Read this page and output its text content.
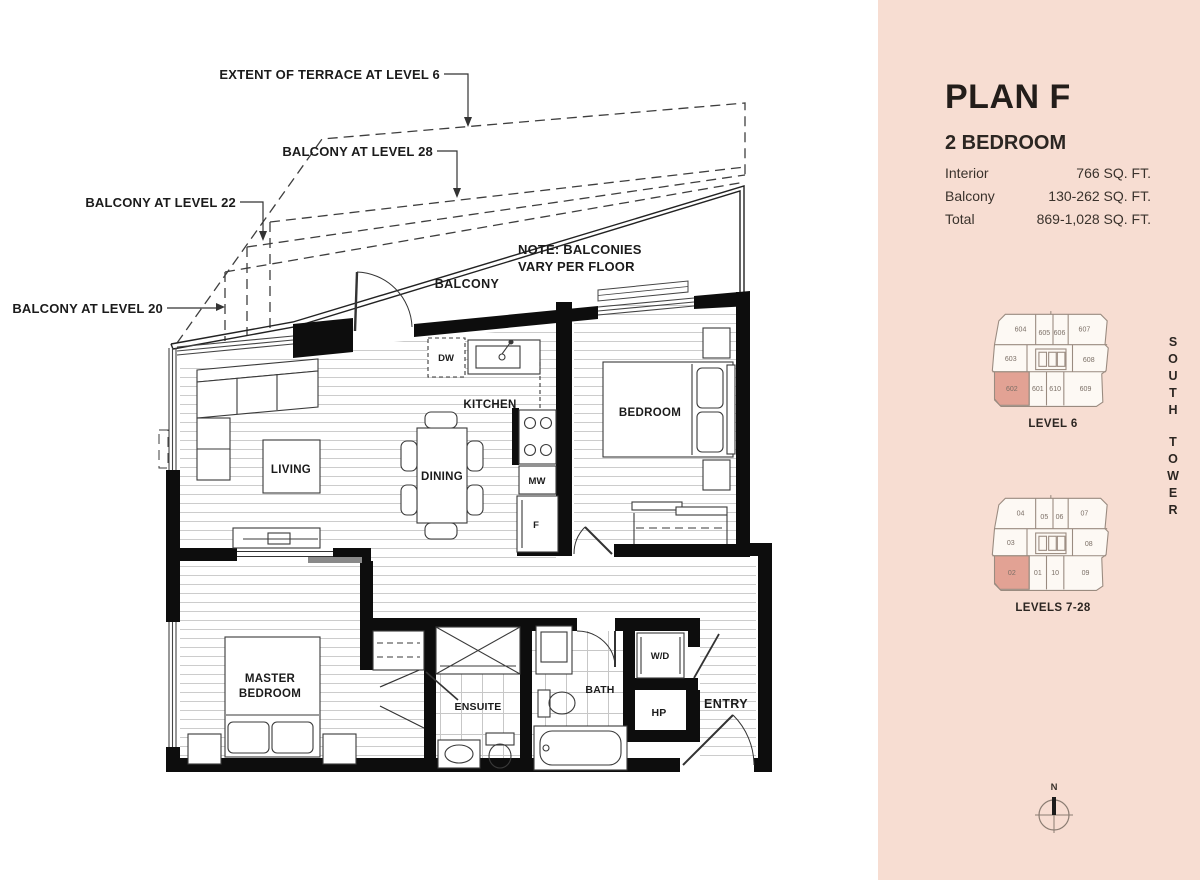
EXTENT OF TERRACE AT LEVEL 6
BALCONY AT LEVEL 28
BALCONY AT LEVEL 22
BALCONY AT LEVEL 20
NOTE: BALCONIES
VARY PER FLOOR
BALCONY
KITCHEN
LIVING
DINING
BEDROOM
MASTER
BEDROOM
ENSUITE
BATH
ENTRY
DW
MW
F
W/D
HP
PLAN F
2 BEDROOM
Interior	766 SQ. FT.
Balcony	130-262 SQ. FT.
Total	869-1,028 SQ. FT.
604 605 606 607
603	608
602 601 610	609
LEVEL 6
04 05 06	07
03	08
02	01 10	09
LEVELS 7-28
S
O
U
T
H
T
O
W
E
R
N
